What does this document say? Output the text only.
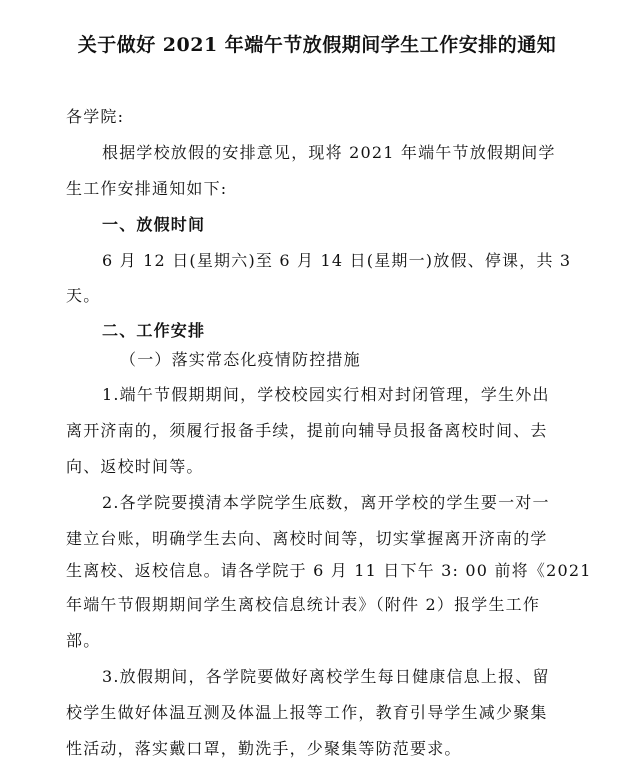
关于做好 2021 年端午节放假期间学生工作安排的通知
各学院:
根据学校放假的安排意见，现将 2021 年端午节放假期间学
生工作安排通知如下:
一、放假时间
6 月 12 日(星期六)至 6 月 14 日(星期一)放假、停课，共 3
天。
二、工作安排
（一）落实常态化疫情防控措施
1.端午节假期期间，学校校园实行相对封闭管理，学生外出
离开济南的，须履行报备手续，提前向辅导员报备离校时间、去
向、返校时间等。
2.各学院要摸清本学院学生底数，离开学校的学生要一对一
建立台账，明确学生去向、离校时间等，切实掌握离开济南的学
生离校、返校信息。请各学院于 6 月 11 日下午 3: 00 前将《2021
年端午节假期期间学生离校信息统计表》（附件 2）报学生工作
部。
3.放假期间，各学院要做好离校学生每日健康信息上报、留
校学生做好体温互测及体温上报等工作，教育引导学生减少聚集
性活动，落实戴口罩，勤洗手，少聚集等防范要求。
